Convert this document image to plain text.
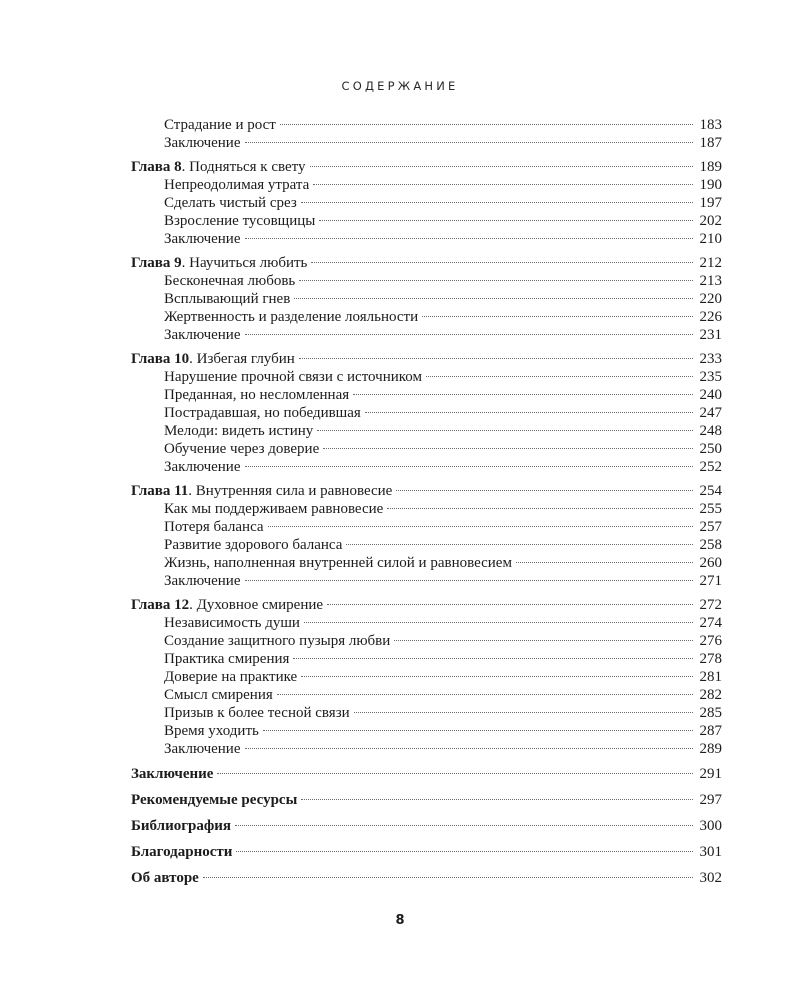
СОДЕРЖАНИЕ
Страдание и рост	183
Заключение	187
Глава 8 . Подняться к свету	189
Непреодолимая утрата	190
Сделать чистый срез	197
Взросление тусовщицы	202
Заключение	210
Глава 9 . Научиться любить	212
Бесконечная любовь	213
Всплывающий гнев	220
Жертвенность и разделение лояльности	226
Заключение	231
Глава 10 . Избегая глубин	233
Нарушение прочной связи с источником	235
Преданная, но несломленная	240
Пострадавшая, но победившая	247
Мелоди: видеть истину	248
Обучение через доверие	250
Заключение	252
Глава 11 . Внутренняя сила и равновесие	254
Как мы поддерживаем равновесие	255
Потеря баланса	257
Развитие здорового баланса	258
Жизнь, наполненная внутренней силой и равновесием	260
Заключение	271
Глава 12 . Духовное смирение	272
Независимость души	274
Создание защитного пузыря любви	276
Практика смирения	278
Доверие на практике	281
Смысл смирения	282
Призыв к более тесной связи	285
Время уходить	287
Заключение	289
Заключение	291
Рекомендуемые ресурсы	297
Библиография	300
Благодарности	301
Об авторе	302
8
